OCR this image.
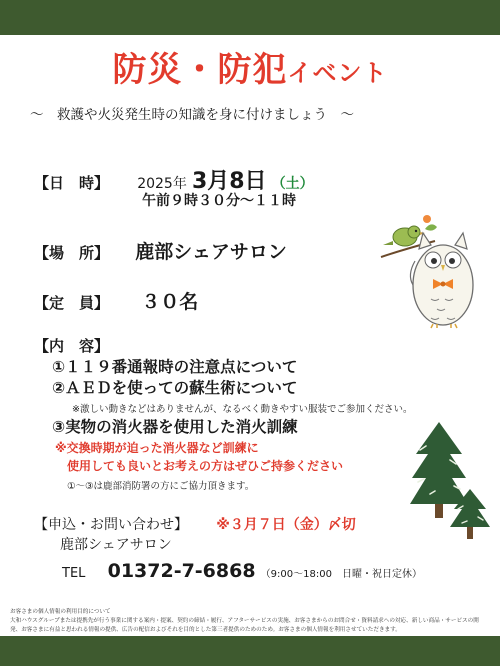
防災・防犯イベント
～　救護や火災発生時の知識を身に付けましょう　～
【日　時】 2025年 3月8日 （土）
午前９時３０分～１１時
【場　所】 鹿部シェアサロン
【定　員】 ３０名
【内　容】
①１１９番通報時の注意点について
②ＡＥＤを使っての蘇生術について
※激しい動きなどはありませんが、なるべく動きやすい服装でご参加ください。
③実物の消火器を使用した消火訓練
※交換時期が迫った消火器など訓練に
使用しても良いとお考えの方はぜひご持参ください
①～③は鹿部消防署の方にご協力頂きます。
【申込・お問い合わせ】 ※３月７日（金）〆切
鹿部シェアサロン
TEL 01372-7-6868 （9:00～18:00　日曜・祝日定休）
お客さまの個人情報の利用目的について
大和ハウスグループまたは提携先が行う事業に関する案内・提案、契約の締結・履行、アフターサービスの実施、お客さまからのお問合せ・資料請求への対応、新しい商品・サービスの開発、お客さまに有益と思われる情報の提供、広告の配信およびそれを目的とした第三者提供のためのため。お客さまの個人情報を利用させていただきます。
